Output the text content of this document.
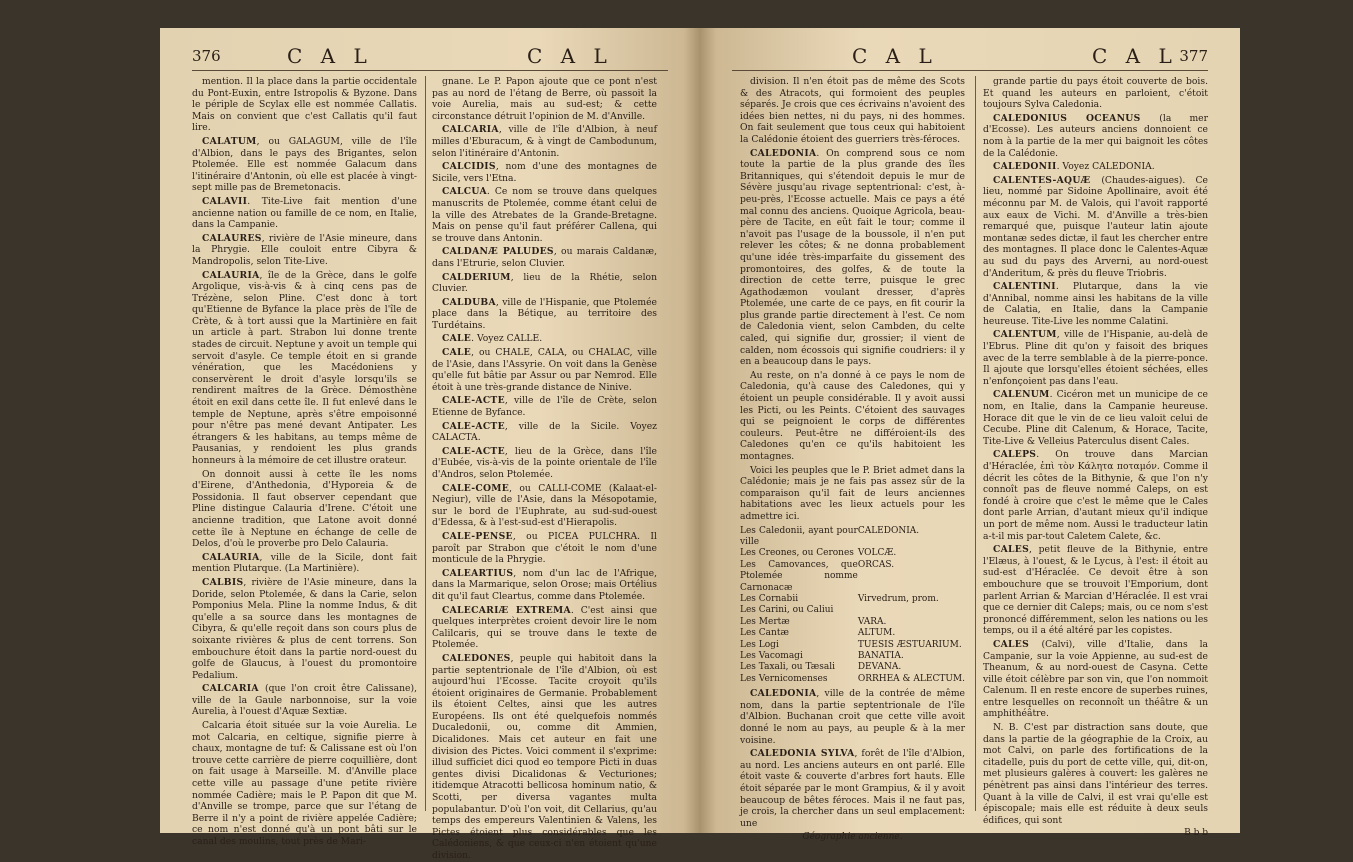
376	C A L	C A L

mention. Il la place dans la partie occidentale du Pont-Euxin, entre Istropolis & Byzone. Dans le périple de Scylax elle est nommée Callatis. Mais on convient que c'est Callatis qu'il faut lire.

CALATUM, ou GALAGUM, ville de l'île d'Albion, dans le pays des Brigantes, selon Ptolemée. Elle est nommée Galacum dans l'itinéraire d'Antonin, où elle est placée à vingt-sept mille pas de Bremetonacis.

CALAVII. Tite-Live fait mention d'une ancienne nation ou famille de ce nom, en Italie, dans la Campanie.

CALAURES, rivière de l'Asie mineure, dans la Phrygie. Elle couloit entre Cibyra & Mandropolis, selon Tite-Live.

CALAURIA, île de la Grèce, dans le golfe Argolique, vis-à-vis & à cinq cens pas de Trézène, selon Pline. C'est donc à tort qu'Etienne de Byfance la place près de l'île de Crète, & à tort aussi que la Martinière en fait un article à part. Strabon lui donne trente stades de circuit. Neptune y avoit un temple qui servoit d'asyle. Ce temple étoit en si grande vénération, que les Macédoniens y conservèrent le droit d'asyle lorsqu'ils se rendirent maîtres de la Grèce. Démosthène étoit en exil dans cette île. Il fut enlevé dans le temple de Neptune, après s'être empoisonné pour n'être pas mené devant Antipater. Les étrangers & les habitans, au temps même de Pausanias, y rendoient les plus grands honneurs à la mémoire de cet illustre orateur.

On donnoit aussi à cette île les noms d'Eirene, d'Anthedonia, d'Hyporeia & de Possidonia. Il faut observer cependant que Pline distingue Calauria d'Irene. C'étoit une ancienne tradition, que Latone avoit donné cette île à Neptune en échange de celle de Delos, d'où le proverbe pro Delo Calauria.

CALAURIA, ville de la Sicile, dont fait mention Plutarque. (La Martinière).

CALBIS, rivière de l'Asie mineure, dans la Doride, selon Ptolemée, & dans la Carie, selon Pomponius Mela. Pline la nomme Indus, & dit qu'elle a sa source dans les montagnes de Cibyra, & qu'elle reçoit dans son cours plus de soixante rivières & plus de cent torrens. Son embouchure étoit dans la partie nord-ouest du golfe de Glaucus, à l'ouest du promontoire Pedalium.

CALCARIA (que l'on croit être Calissane), ville de la Gaule narbonnoise, sur la voie Aurelia, à l'ouest d'Aquæ Sextiæ.

Calcaria étoit située sur la voie Aurelia. Le mot Calcaria, en celtique, signifie pierre à chaux, montagne de tuf: & Calissane est où l'on trouve cette carrière de pierre coquillière, dont on fait usage à Marseille. M. d'Anville place cette ville au passage d'une petite rivière nommée Cadière; mais le P. Papon dit que M. d'Anville se trompe, parce que sur l'étang de Berre il n'y a point de rivière appelée Cadière; ce nom n'est donné qu'à un pont bâti sur le canal des moulins, tout près de Mari-

gnane. Le P. Papon ajoute que ce pont n'est pas au nord de l'étang de Berre, où passoit la voie Aurelia, mais au sud-est; & cette circonstance détruit l'opinion de M. d'Anville.

CALCARIA, ville de l'île d'Albion, à neuf milles d'Eburacum, & à vingt de Cambodunum, selon l'itinéraire d'Antonin.

CALCIDIS, nom d'une des montagnes de Sicile, vers l'Etna.

CALCUA. Ce nom se trouve dans quelques manuscrits de Ptolemée, comme étant celui de la ville des Atrebates de la Grande-Bretagne. Mais on pense qu'il faut préférer Callena, qui se trouve dans Antonin.

CALDANÆ PALUDES, ou marais Caldanæ, dans l'Etrurie, selon Cluvier.

CALDERIUM, lieu de la Rhétie, selon Cluvier.

CALDUBA, ville de l'Hispanie, que Ptolemée place dans la Bétique, au territoire des Turdétains.

CALE. Voyez CALLE.

CALE, ou CHALE, CALA, ou CHALAC, ville de l'Asie, dans l'Assyrie. On voit dans la Genèse qu'elle fut bâtie par Assur ou par Nemrod. Elle étoit à une très-grande distance de Ninive.

CALE-ACTE, ville de l'île de Crète, selon Etienne de Byfance.

CALE-ACTE, ville de la Sicile. Voyez CALACTA.

CALE-ACTE, lieu de la Grèce, dans l'île d'Eubée, vis-à-vis de la pointe orientale de l'île d'Andros, selon Ptolemée.

CALE-COME, ou CALLI-COME (Kalaat-el-Negiur), ville de l'Asie, dans la Mésopotamie, sur le bord de l'Euphrate, au sud-sud-ouest d'Edessa, & à l'est-sud-est d'Hierapolis.

CALE-PENSE, ou PICEA PULCHRA. Il paroît par Strabon que c'étoit le nom d'une monticule de la Phrygie.

CALEARTIUS, nom d'un lac de l'Afrique, dans la Marmarique, selon Orose; mais Ortélius dit qu'il faut Cleartus, comme dans Ptolemée.

CALECARIÆ EXTREMA. C'est ainsi que quelques interprètes croient devoir lire le nom Calilcaris, qui se trouve dans le texte de Ptolemée.

CALEDONES, peuple qui habitoit dans la partie septentrionale de l'île d'Albion, où est aujourd'hui l'Ecosse. Tacite croyoit qu'ils étoient originaires de Germanie. Probablement ils étoient Celtes, ainsi que les autres Européens. Ils ont été quelquefois nommés Ducaledonii, ou, comme dit Ammien, Dicalidones. Mais cet auteur en fait une division des Pictes. Voici comment il s'exprime: illud sufficiet dici quod eo tempore Picti in duas gentes divisi Dicalidonas & Vecturiones; itidemque Atracotti bellicosa hominum natio, & Scotti, per diversa vagantes multa populabantur. D'où l'on voit, dit Cellarius, qu'au temps des empereurs Valentinien & Valens, les Pictes étoient plus considérables que les Calédoniens, & que ceux-ci n'en étoient qu'une division.

C A L	C A L 377

division. Il n'en étoit pas de même des Scots & des Atracots, qui formoient des peuples séparés. Je crois que ces écrivains n'avoient des idées bien nettes, ni du pays, ni des hommes. On fait seulement que tous ceux qui habitoient la Calédonie étoient des guerriers très-féroces.

CALEDONIA. On comprend sous ce nom toute la partie de la plus grande des îles Britanniques, qui s'étendoit depuis le mur de Sévère jusqu'au rivage septentrional: c'est, à-peu-près, l'Ecosse actuelle. Mais ce pays a été mal connu des anciens. Quoique Agricola, beau-père de Tacite, en eût fait le tour; comme il n'avoit pas l'usage de la boussole, il n'en put relever les côtes; & ne donna probablement qu'une idée très-imparfaite du gissement des promontoires, des golfes, & de toute la direction de cette terre, puisque le grec Agathodæmon voulant dresser, d'après Ptolemée, une carte de ce pays, en fit courir la plus grande partie directement à l'est. Ce nom de Caledonia vient, selon Cambden, du celte caled, qui signifie dur, grossier; il vient de calden, nom écossois qui signifie coudriers: il y en a beaucoup dans le pays.

Au reste, on n'a donné à ce pays le nom de Caledonia, qu'à cause des Caledones, qui y étoient un peuple considérable. Il y avoit aussi les Picti, ou les Peints. C'étoient des sauvages qui se peignoient le corps de différentes couleurs. Peut-être ne différoient-ils des Caledones qu'en ce qu'ils habitoient les montagnes.

Voici les peuples que le P. Briet admet dans la Calédonie; mais je ne fais pas assez sûr de la comparaison qu'il fait de leurs anciennes habitations avec les lieux actuels pour les admettre ici.

Les Caledonii, ayant pour ville	CALEDONIA.
Les Creones, ou Cerones	VOLCÆ.
Les Camovances, que Ptolemée nomme Carnonacæ	ORCAS.
Les Cornabii	Virvedrum, prom.
Les Carini, ou Caliui	
Les Mertæ	VARA.
Les Cantæ	ALTUM.
Les Logi	TUESIS ÆSTUARIUM.
Les Vacomagi	BANATIA.
Les Taxali, ou Tæsali	DEVANA.
Les Vernicomenses	ORRHEA & ALECTUM.

CALEDONIA, ville de la contrée de même nom, dans la partie septentrionale de l'île d'Albion. Buchanan croit que cette ville avoit donné le nom au pays, au peuple & à la mer voisine.

CALEDONIA SYLVA, forêt de l'île d'Albion, au nord. Les anciens auteurs en ont parlé. Elle étoit vaste & couverte d'arbres fort hauts. Elle étoit séparée par le mont Grampius, & il y avoit beaucoup de bêtes féroces. Mais il ne faut pas, je crois, la chercher dans un seul emplacement: une

Géographie ancienne.

grande partie du pays étoit couverte de bois. Et quand les auteurs en parloient, c'étoit toujours Sylva Caledonia.

CALEDONIUS OCEANUS (la mer d'Ecosse). Les auteurs anciens donnoient ce nom à la partie de la mer qui baignoit les côtes de la Calédonie.

CALEDONII. Voyez CALEDONIA.

CALENTES-AQUÆ (Chaudes-aigues). Ce lieu, nommé par Sidoine Apollinaire, avoit été méconnu par M. de Valois, qui l'avoit rapporté aux eaux de Vichi. M. d'Anville a très-bien remarqué que, puisque l'auteur latin ajoute montanæ sedes dictæ, il faut les chercher entre des montagnes. Il place donc le Calentes-Aquæ au sud du pays des Arverni, au nord-ouest d'Anderitum, & près du fleuve Triobris.

CALENTINI. Plutarque, dans la vie d'Annibal, nomme ainsi les habitans de la ville de Calatia, en Italie, dans la Campanie heureuse. Tite-Live les nomme Calatini.

CALENTUM, ville de l'Hispanie, au-delà de l'Ebrus. Pline dit qu'on y faisoit des briques avec de la terre semblable à de la pierre-ponce. Il ajoute que lorsqu'elles étoient séchées, elles n'enfonçoient pas dans l'eau.

CALENUM. Cicéron met un municipe de ce nom, en Italie, dans la Campanie heureuse. Horace dit que le vin de ce lieu valoit celui de Cecube. Pline dit Calenum, & Horace, Tacite, Tite-Live & Velleius Paterculus disent Cales.

CALEPS. On trouve dans Marcian d'Héraclée, ἐπὶ τὸν Κάλητα ποταμόν. Comme il décrit les côtes de la Bithynie, & que l'on n'y connoît pas de fleuve nommé Caleps, on est fondé à croire que c'est le même que le Cales dont parle Arrian, d'autant mieux qu'il indique un port de même nom. Aussi le traducteur latin a-t-il mis par-tout Caletem Calete, &c.

CALES, petit fleuve de la Bithynie, entre l'Elæus, à l'ouest, & le Lycus, à l'est: il étoit au sud-est d'Héraclée. Ce devoit être à son embouchure que se trouvoit l'Emporium, dont parlent Arrian & Marcian d'Héraclée. Il est vrai que ce dernier dit Caleps; mais, ou ce nom s'est prononcé différemment, selon les nations ou les temps, ou il a été altéré par les copistes.

CALES (Calvi), ville d'Italie, dans la Campanie, sur la voie Appienne, au sud-est de Theanum, & au nord-ouest de Casyna. Cette ville étoit célèbre par son vin, que l'on nommoit Calenum. Il en reste encore de superbes ruines, entre lesquelles on reconnoît un théâtre & un amphithéâtre.

N. B. C'est par distraction sans doute, que dans la partie de la géographie de la Croix, au mot Calvi, on parle des fortifications de la citadelle, puis du port de cette ville, qui, dit-on, met plusieurs galères à couvert: les galères ne pénètrent pas ainsi dans l'intérieur des terres. Quant à la ville de Calvi, il est vrai qu'elle est épiscopale; mais elle est réduite à deux seuls édifices, qui sont

B b b
